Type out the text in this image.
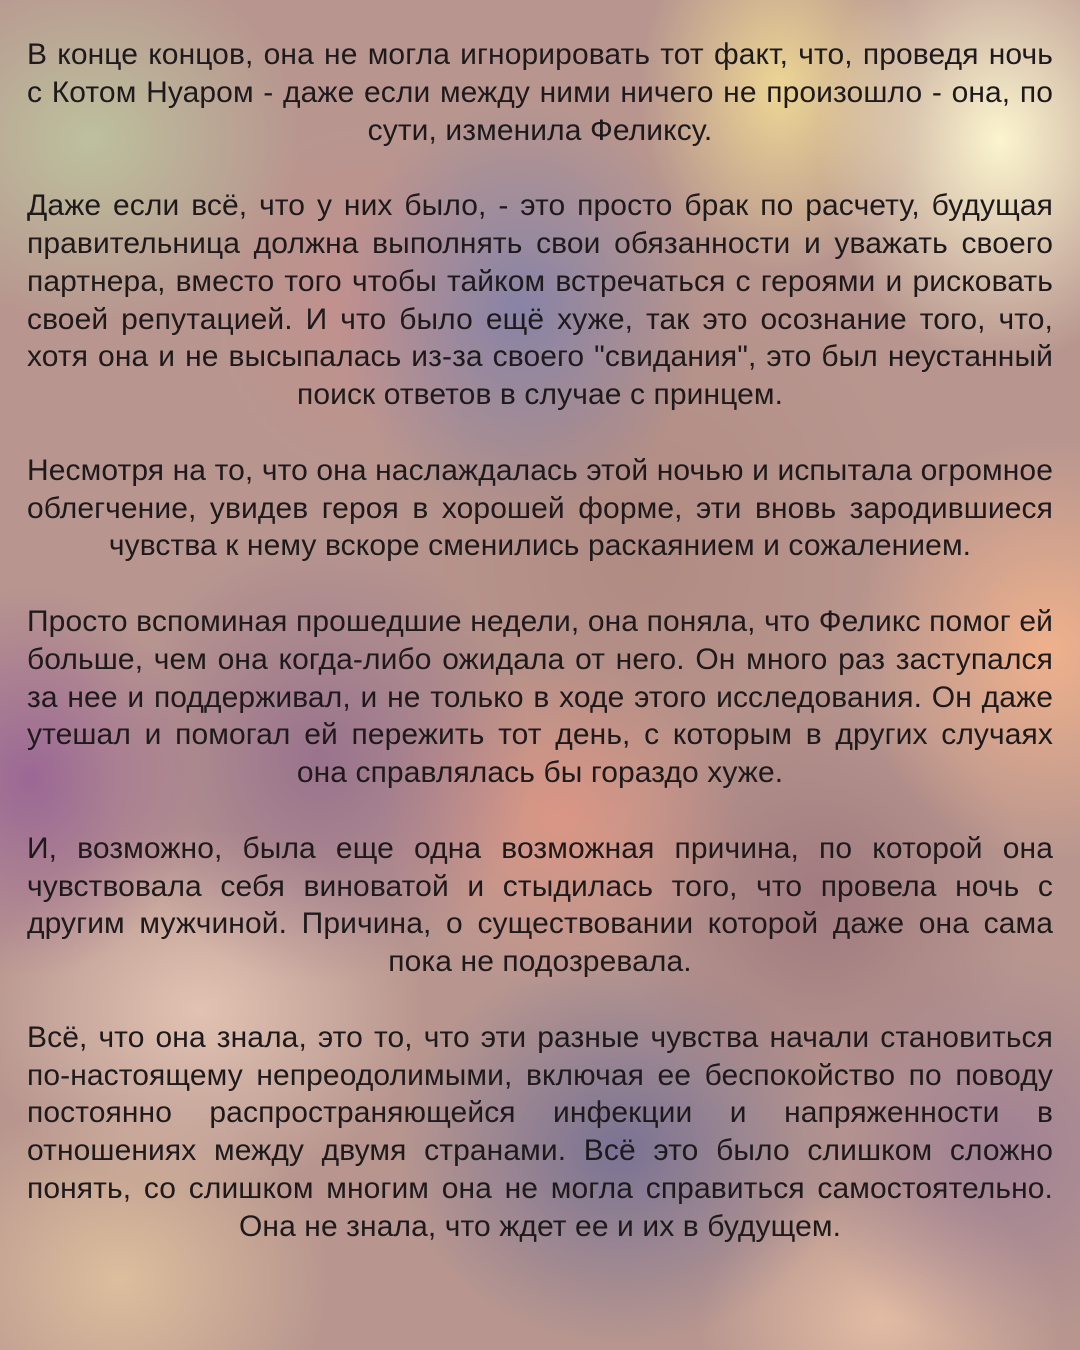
В конце концов, она не могла игнорировать тот факт, что, проведя ночь с Котом Нуаром - даже если между ними ничего не произошло - она, по сути, изменила Феликсу.

Даже если всё, что у них было, - это просто брак по расчету, будущая правительница должна выполнять свои обязанности и уважать своего партнера, вместо того чтобы тайком встречаться с героями и рисковать своей репутацией. И что было ещё хуже, так это осознание того, что, хотя она и не высыпалась из-за своего "свидания", это был неустанный поиск ответов в случае с принцем.

Несмотря на то, что она наслаждалась этой ночью и испытала огромное облегчение, увидев героя в хорошей форме, эти вновь зародившиеся чувства к нему вскоре сменились раскаянием и сожалением.

Просто вспоминая прошедшие недели, она поняла, что Феликс помог ей больше, чем она когда-либо ожидала от него. Он много раз заступался за нее и поддерживал, и не только в ходе этого исследования. Он даже утешал и помогал ей пережить тот день, с которым в других случаях она справлялась бы гораздо хуже.

И, возможно, была еще одна возможная причина, по которой она чувствовала себя виноватой и стыдилась того, что провела ночь с другим мужчиной. Причина, о существовании которой даже она сама пока не подозревала.

Всё, что она знала, это то, что эти разные чувства начали становиться по-настоящему непреодолимыми, включая ее беспокойство по поводу постоянно распространяющейся инфекции и напряженности в отношениях между двумя странами. Всё это было слишком сложно понять, со слишком многим она не могла справиться самостоятельно. Она не знала, что ждет ее и их в будущем.
